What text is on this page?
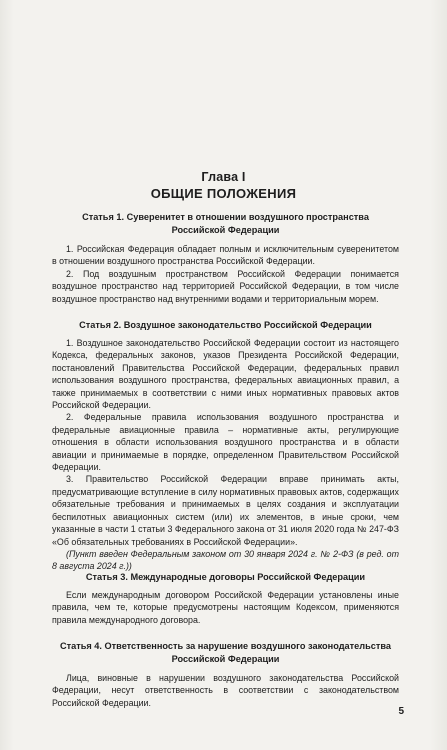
Глава I
ОБЩИЕ ПОЛОЖЕНИЯ

Статья 1. Суверенитет в отношении воздушного пространства

Российской Федерации

1. Российская Федерация обладает полным и исключительным суверенитетом в отношении воздушного пространства Российской Федерации.

2. Под воздушным пространством Российской Федерации понимается воздушное пространство над территорией Российской Федерации, в том числе воздушное пространство над внутренними водами и территориальным морем.

Статья 2. Воздушное законодательство Российской Федерации

1. Воздушное законодательство Российской Федерации состоит из настоящего Кодекса, федеральных законов, указов Президента Российской Федерации, постановлений Правительства Российской Федерации, федеральных правил использования воздушного пространства, федеральных авиационных правил, а также принимаемых в соответствии с ними иных нормативных правовых актов Российской Федерации.

2. Федеральные правила использования воздушного пространства и федеральные авиационные правила – нормативные акты, регулирующие отношения в области использования воздушного пространства и в области авиации и принимаемые в порядке, определенном Правительством Российской Федерации.

3. Правительство Российской Федерации вправе принимать акты, предусматривающие вступление в силу нормативных правовых актов, содержащих обязательные требования и принимаемых в целях создания и эксплуатации беспилотных авиационных систем (или) их элементов, в иные сроки, чем указанные в части 1 статьи 3 Федерального закона от 31 июля 2020 года № 247-ФЗ «Об обязательных требованиях в Российской Федерации».

(Пункт введен Федеральным законом от 30 января 2024 г. № 2-ФЗ (в ред. от 8 августа 2024 г.))

Статья 3. Международные договоры Российской Федерации

Если международным договором Российской Федерации установлены иные правила, чем те, которые предусмотрены настоящим Кодексом, применяются правила международного договора.

Статья 4. Ответственность за нарушение воздушного законодательства

Российской Федерации

Лица, виновные в нарушении воздушного законодательства Российской Федерации, несут ответственность в соответствии с законодательством Российской Федерации.

5
